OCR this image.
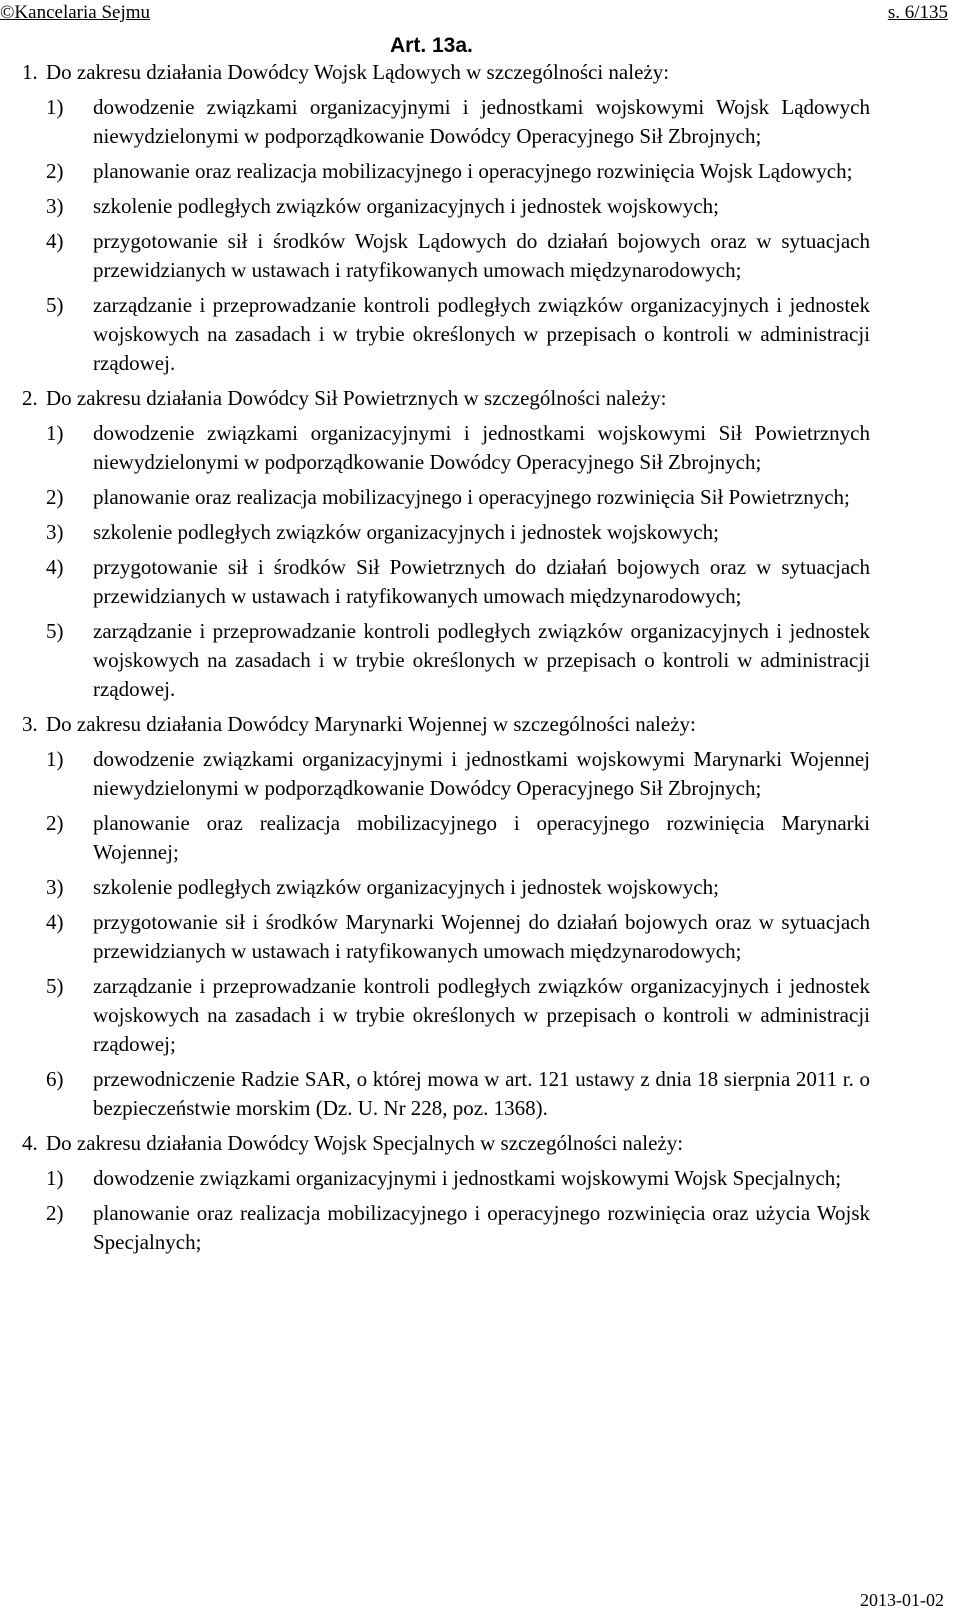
©Kancelaria Sejmu	s. 6/135
Art. 13a.
1. Do zakresu działania Dowódcy Wojsk Lądowych w szczególności należy:
1) dowodzenie związkami organizacyjnymi i jednostkami wojskowymi Wojsk Lądowych niewydzielonymi w podporządkowanie Dowódcy Operacyjnego Sił Zbrojnych;
2) planowanie oraz realizacja mobilizacyjnego i operacyjnego rozwinięcia Wojsk Lądowych;
3) szkolenie podległych związków organizacyjnych i jednostek wojskowych;
4) przygotowanie sił i środków Wojsk Lądowych do działań bojowych oraz w sytuacjach przewidzianych w ustawach i ratyfikowanych umowach międzynarodowych;
5) zarządzanie i przeprowadzanie kontroli podległych związków organizacyjnych i jednostek wojskowych na zasadach i w trybie określonych w przepisach o kontroli w administracji rządowej.
2. Do zakresu działania Dowódcy Sił Powietrznych w szczególności należy:
1) dowodzenie związkami organizacyjnymi i jednostkami wojskowymi Sił Powietrznych niewydzielonymi w podporządkowanie Dowódcy Operacyjnego Sił Zbrojnych;
2) planowanie oraz realizacja mobilizacyjnego i operacyjnego rozwinięcia Sił Powietrznych;
3) szkolenie podległych związków organizacyjnych i jednostek wojskowych;
4) przygotowanie sił i środków Sił Powietrznych do działań bojowych oraz w sytuacjach przewidzianych w ustawach i ratyfikowanych umowach międzynarodowych;
5) zarządzanie i przeprowadzanie kontroli podległych związków organizacyjnych i jednostek wojskowych na zasadach i w trybie określonych w przepisach o kontroli w administracji rządowej.
3. Do zakresu działania Dowódcy Marynarki Wojennej w szczególności należy:
1) dowodzenie związkami organizacyjnymi i jednostkami wojskowymi Marynarki Wojennej niewydzielonymi w podporządkowanie Dowódcy Operacyjnego Sił Zbrojnych;
2) planowanie oraz realizacja mobilizacyjnego i operacyjnego rozwinięcia Marynarki Wojennej;
3) szkolenie podległych związków organizacyjnych i jednostek wojskowych;
4) przygotowanie sił i środków Marynarki Wojennej do działań bojowych oraz w sytuacjach przewidzianych w ustawach i ratyfikowanych umowach międzynarodowych;
5) zarządzanie i przeprowadzanie kontroli podległych związków organizacyjnych i jednostek wojskowych na zasadach i w trybie określonych w przepisach o kontroli w administracji rządowej;
6) przewodniczenie Radzie SAR, o której mowa w art. 121 ustawy z dnia 18 sierpnia 2011 r. o bezpieczeństwie morskim (Dz. U. Nr 228, poz. 1368).
4. Do zakresu działania Dowódcy Wojsk Specjalnych w szczególności należy:
1) dowodzenie związkami organizacyjnymi i jednostkami wojskowymi Wojsk Specjalnych;
2) planowanie oraz realizacja mobilizacyjnego i operacyjnego rozwinięcia oraz użycia Wojsk Specjalnych;
2013-01-02
